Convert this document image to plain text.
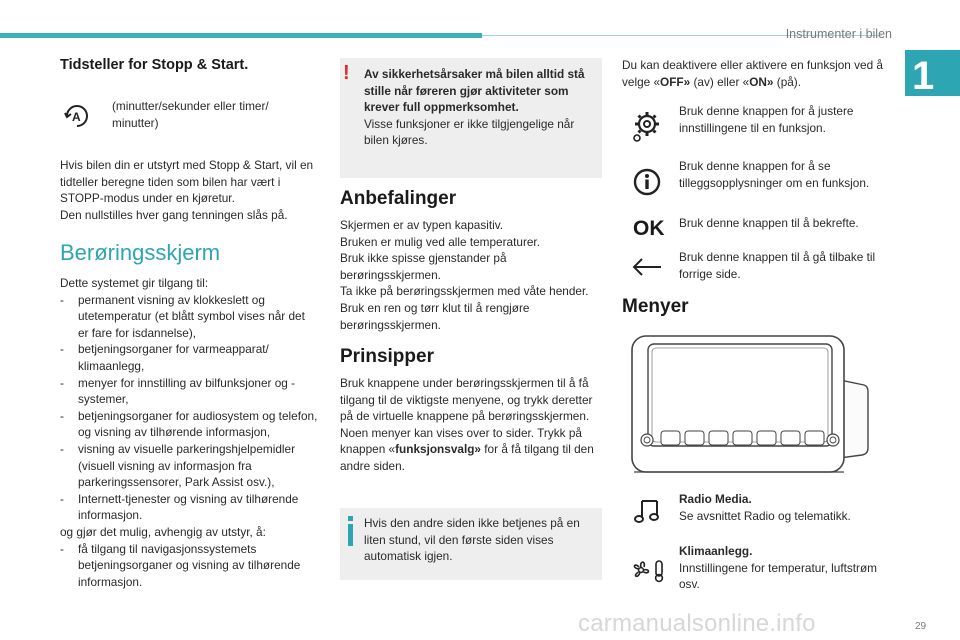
Instrumenter i bilen
1
Tidsteller for Stopp & Start.
A
(minutter/sekunder eller timer/
minutter)
Hvis bilen din er utstyrt med Stopp & Start, vil en tidteller beregne tiden som bilen har vært i STOPP-modus under en kjøretur.
Den nullstilles hver gang tenningen slås på.
Berøringsskjerm
Dette systemet gir tilgang til:
- permanent visning av klokkeslett og utetemperatur (et blått symbol vises når det er fare for isdannelse),
- betjeningsorganer for varmeapparat/ klimaanlegg,
- menyer for innstilling av bilfunksjoner og -systemer,
- betjeningsorganer for audiosystem og telefon, og visning av tilhørende informasjon,
- visning av visuelle parkeringshjelpemidler (visuell visning av informasjon fra parkeringssensorer, Park Assist osv.),
- Internett-tjenester og visning av tilhørende informasjon.
og gjør det mulig, avhengig av utstyr, å:
- få tilgang til navigasjonssystemets betjeningsorganer og visning av tilhørende informasjon.
! Av sikkerhetsårsaker må bilen alltid stå stille når føreren gjør aktiviteter som krever full oppmerksomhet.
Visse funksjoner er ikke tilgjengelige når bilen kjøres.
Anbefalinger
Skjermen er av typen kapasitiv.
Bruken er mulig ved alle temperaturer.
Bruk ikke spisse gjenstander på berøringsskjermen.
Ta ikke på berøringsskjermen med våte hender.
Bruk en ren og tørr klut til å rengjøre berøringsskjermen.
Prinsipper
Bruk knappene under berøringsskjermen til å få tilgang til de viktigste menyene, og trykk deretter på de virtuelle knappene på berøringsskjermen.
Noen menyer kan vises over to sider. Trykk på knappen «funksjonsvalg» for å få tilgang til den andre siden.
Hvis den andre siden ikke betjenes på en liten stund, vil den første siden vises automatisk igjen.
Du kan deaktivere eller aktivere en funksjon ved å velge «OFF» (av) eller «ON» (på).
Bruk denne knappen for å justere innstillingene til en funksjon.
Bruk denne knappen for å se tilleggsopplysninger om en funksjon.
OK Bruk denne knappen til å bekrefte.
Bruk denne knappen til å gå tilbake til forrige side.
Menyer
Radio Media.
Se avsnittet Radio og telematikk.
Klimaanlegg.
Innstillingene for temperatur, luftstrøm osv.
carmanualsonline.info	29
